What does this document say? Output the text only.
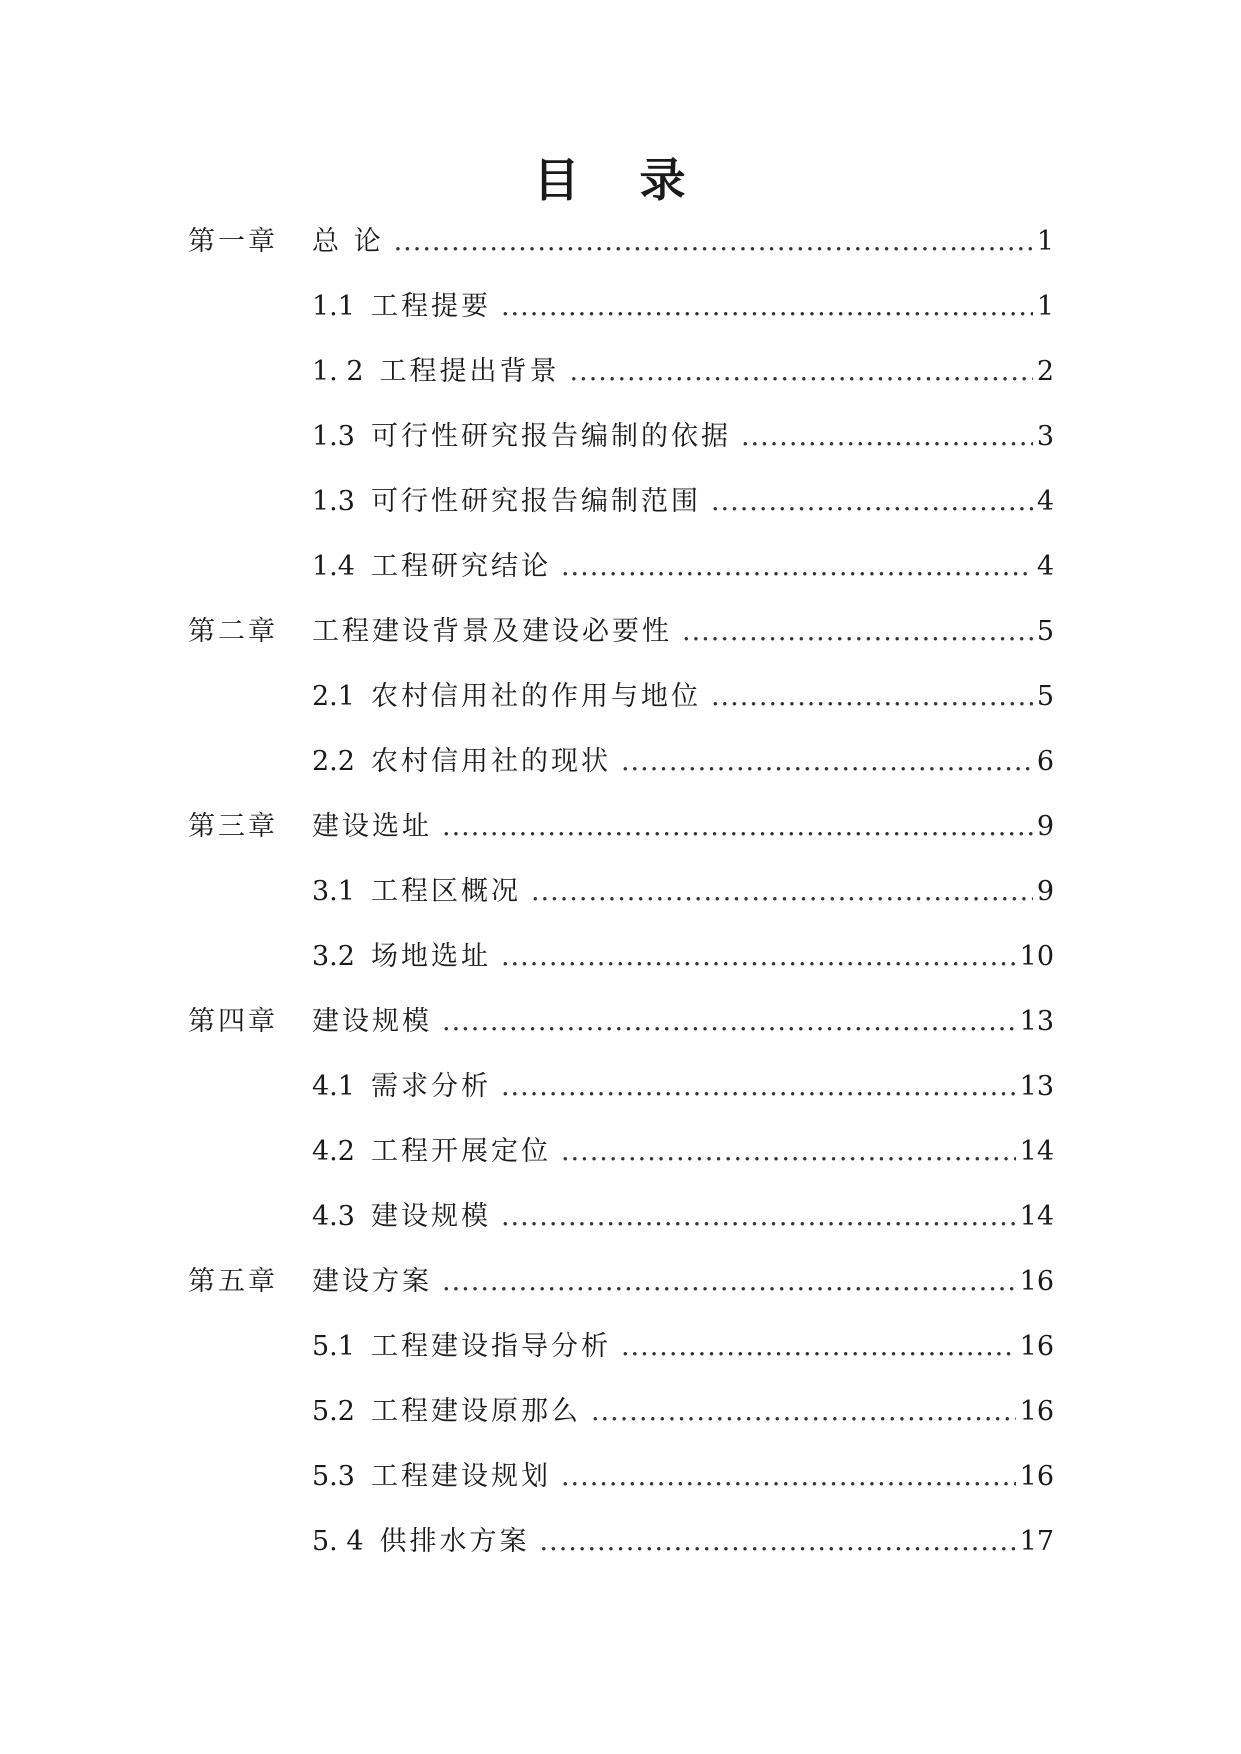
目 录
第一章 总 论 .....	1
1.1 工程提要 .....	1
1. 2 工程提出背景 .....	2
1.3 可行性研究报告编制的依据 .....	3
1.3 可行性研究报告编制范围 .....	4
1.4 工程研究结论 .....	4
第二章 工程建设背景及建设必要性 .....	5
2.1 农村信用社的作用与地位 .....	5
2.2 农村信用社的现状 .....	6
第三章 建设选址 .....	9
3.1 工程区概况 .....	9
3.2 场地选址 .....	10
第四章 建设规模 .....	13
4.1 需求分析 .....	13
4.2 工程开展定位 .....	14
4.3 建设规模 .....	14
第五章 建设方案 .....	16
5.1 工程建设指导分析 .....	16
5.2 工程建设原那么 .....	16
5.3 工程建设规划 .....	16
5. 4 供排水方案 .....	17
